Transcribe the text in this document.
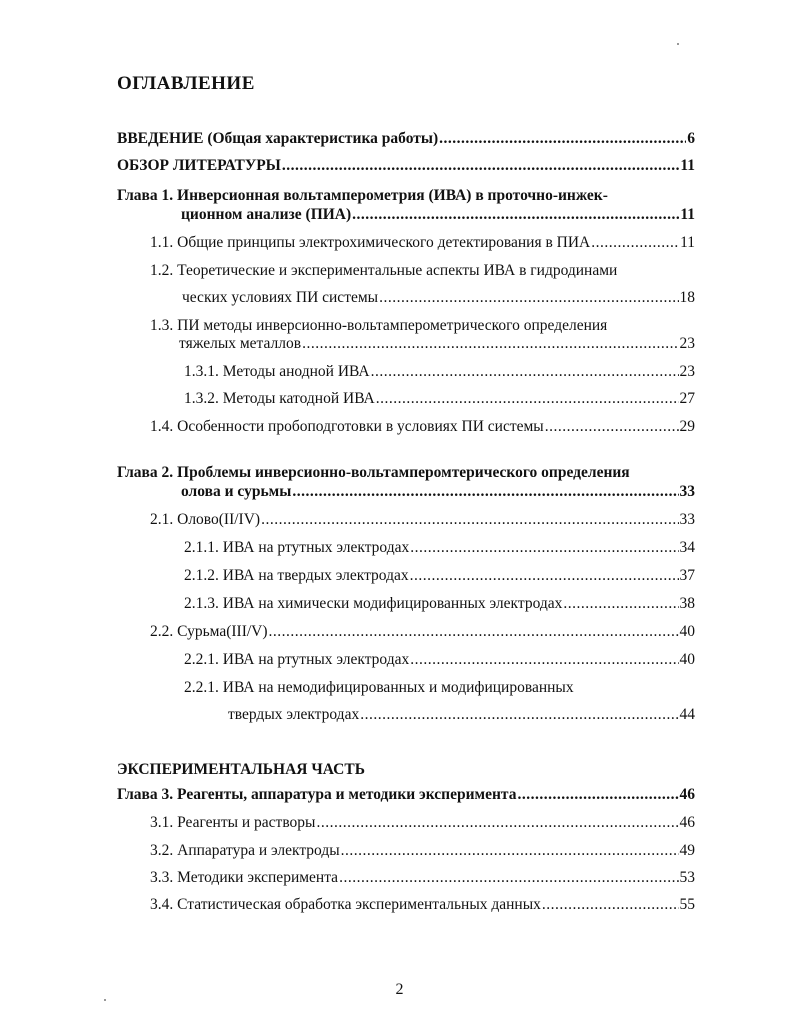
ОГЛАВЛЕНИЕ
ВВЕДЕНИЕ (Общая характеристика работы) .....	6
ОБЗОР ЛИТЕРАТУРЫ .....	11
Глава 1. Инверсионная вольтамперометрия (ИВА) в проточно-инжек-
ционном анализе (ПИА) .....	11
1.1. Общие принципы электрохимического детектирования в ПИА .....	11
1.2. Теоретические и экспериментальные аспекты ИВА в гидродинами
ческих условиях ПИ системы .....	18
1.3. ПИ методы инверсионно-вольтамперометрического определения
тяжелых металлов .....	23
1.3.1. Методы анодной ИВА .....	23
1.3.2. Методы катодной ИВА .....	27
1.4. Особенности пробоподготовки в условиях ПИ системы .....	29
Глава 2. Проблемы инверсионно-вольтамперомтерического определения
олова и сурьмы .....	33
2.1. Олово(II/IV) .....	33
2.1.1. ИВА на ртутных электродах .....	34
2.1.2. ИВА на твердых электродах .....	37
2.1.3. ИВА на химически модифицированных электродах .....	38
2.2. Сурьма(III/V) .....	40
2.2.1. ИВА на ртутных электродах .....	40
2.2.1. ИВА на немодифицированных и модифицированных
твердых электродах .....	44
ЭКСПЕРИМЕНТАЛЬНАЯ ЧАСТЬ
Глава 3. Реагенты, аппаратура и методики эксперимента .....	46
3.1. Реагенты и растворы .....	46
3.2. Аппаратура и электроды .....	49
3.3. Методики эксперимента .....	53
3.4. Статистическая обработка экспериментальных данных .....	55
2
